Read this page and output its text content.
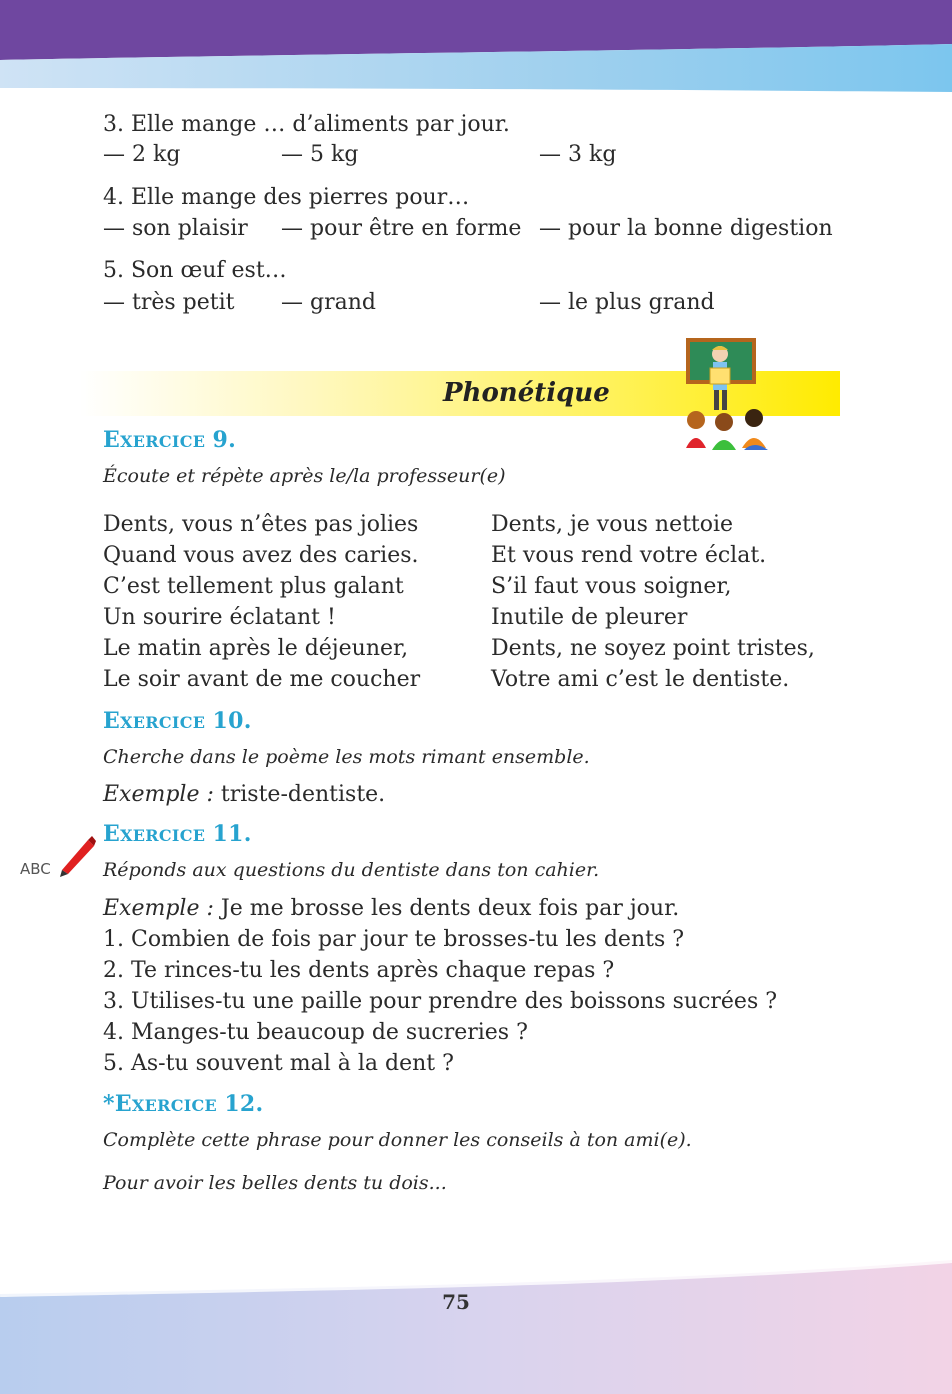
3. Elle mange … d’aliments par jour.
— 2 kg	— 5 kg	— 3 kg
4. Elle mange des pierres pour…
— son plaisir — pour être en forme — pour la bonne digestion
5. Son œuf est…
— très petit — grand	— le plus grand
Phonétique
ABC
EXERCICE 9.
Écoute et répète après le/la professeur(e)
Dents, vous n’êtes pas jolies
Quand vous avez des caries.
C’est tellement plus galant
Un sourire éclatant !
Le matin après le déjeuner,
Le soir avant de me coucher
Dents, je vous nettoie
Et vous rend votre éclat.
S’il faut vous soigner,
Inutile de pleurer
Dents, ne soyez point tristes,
Votre ami c’est le dentiste.
EXERCICE 10.
Cherche dans le poème les mots rimant ensemble.
Exemple : triste-dentiste.
EXERCICE 11.
Réponds aux questions du dentiste dans ton cahier.
Exemple : Je me brosse les dents deux fois par jour.
1. Combien de fois par jour te brosses-tu les dents ?
2. Te rinces-tu les dents après chaque repas ?
3. Utilises-tu une paille pour prendre des boissons sucrées ?
4. Manges-tu beaucoup de sucreries ?
5. As-tu souvent mal à la dent ?
*EXERCICE 12.
Complète cette phrase pour donner les conseils à ton ami(e).
Pour avoir les belles dents tu dois...
75
